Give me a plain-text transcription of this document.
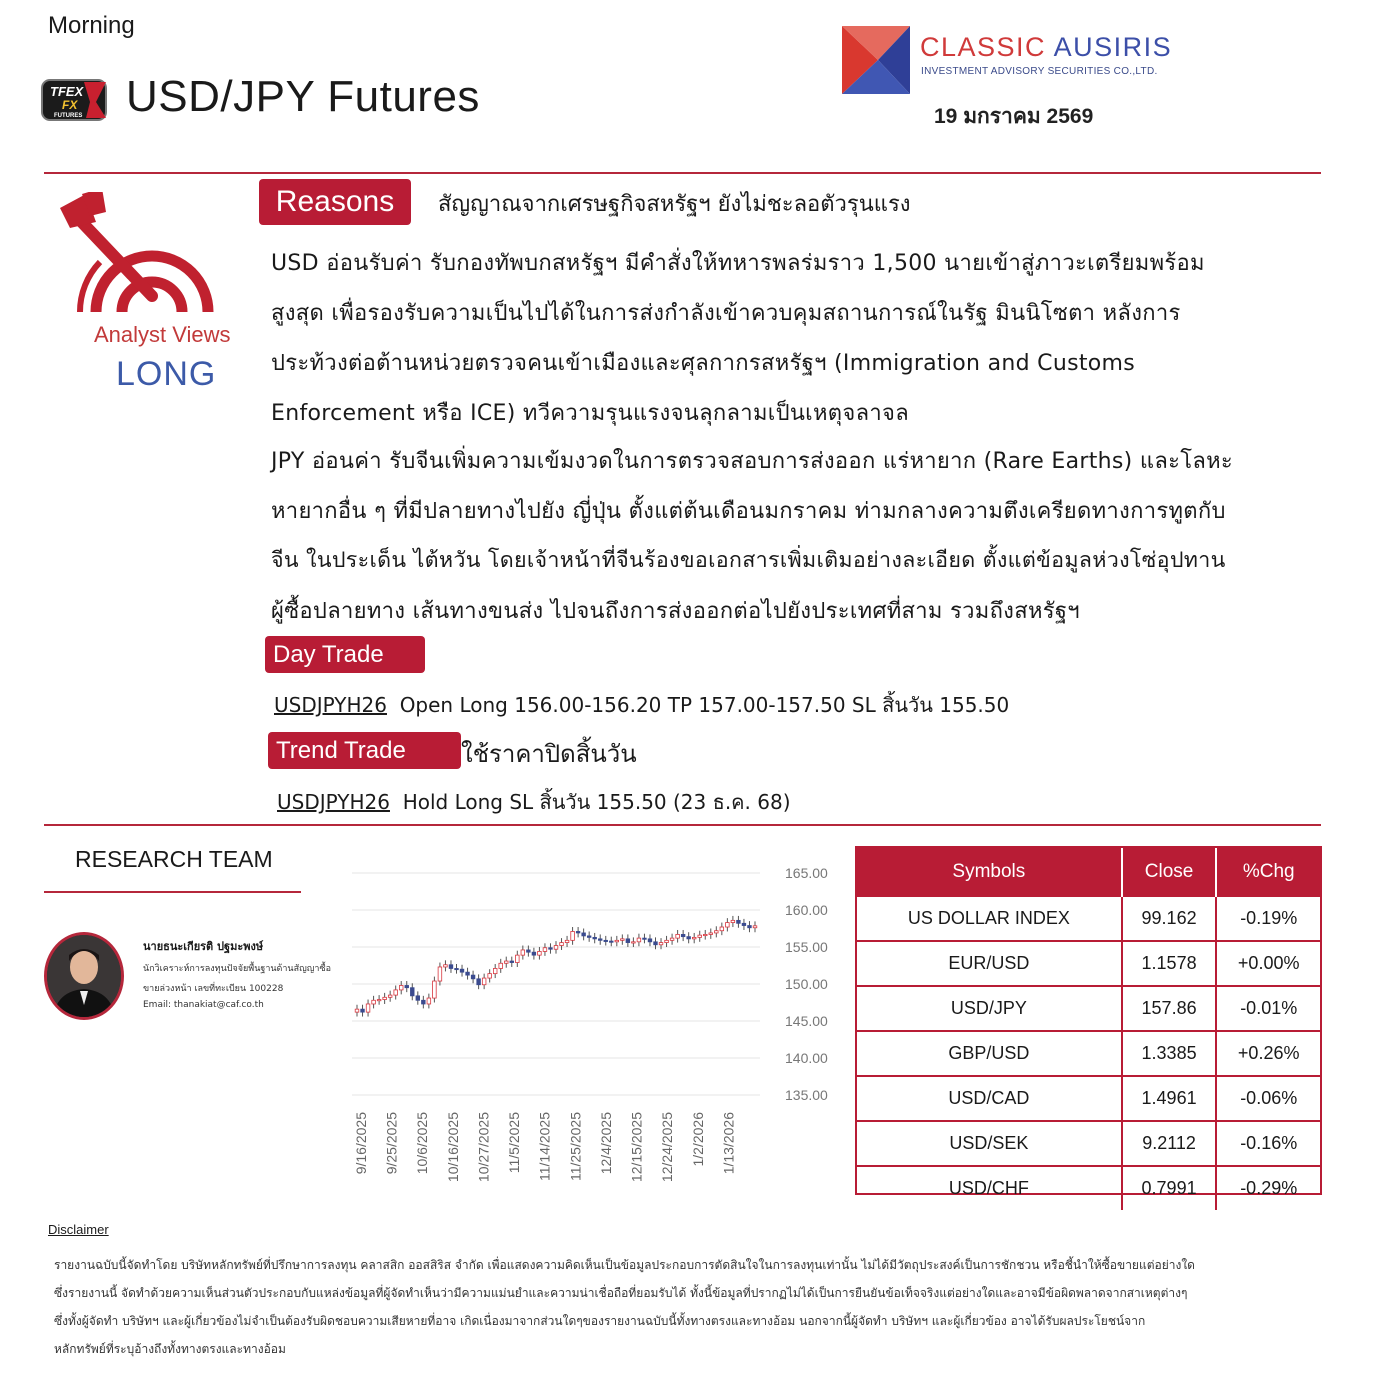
Morning
TFEX
FX
FUTURES USD/JPY Futures
CLASSIC AUSIRIS
INVESTMENT ADVISORY SECURITIES CO.,LTD.
19 มกราคม 2569
Analyst Views
LONG
Reasons	สัญญาณจากเศรษฐกิจสหรัฐฯ ยังไม่ชะลอตัวรุนแรง
USD อ่อนรับค่า รับกองทัพบกสหรัฐฯ มีคำสั่งให้ทหารพลร่มราว 1,500 นายเข้าสู่ภาวะเตรียมพร้อม
สูงสุด เพื่อรองรับความเป็นไปได้ในการส่งกำลังเข้าควบคุมสถานการณ์ในรัฐ มินนิโซตา หลังการ
ประท้วงต่อต้านหน่วยตรวจคนเข้าเมืองและศุลกากรสหรัฐฯ (Immigration and Customs
Enforcement หรือ ICE) ทวีความรุนแรงจนลุกลามเป็นเหตุจลาจล
JPY อ่อนค่า รับจีนเพิ่มความเข้มงวดในการตรวจสอบการส่งออก แร่หายาก (Rare Earths) และโลหะ
หายากอื่น ๆ ที่มีปลายทางไปยัง ญี่ปุ่น ตั้งแต่ต้นเดือนมกราคม ท่ามกลางความตึงเครียดทางการทูตกับ
จีน ในประเด็น ไต้หวัน โดยเจ้าหน้าที่จีนร้องขอเอกสารเพิ่มเติมอย่างละเอียด ตั้งแต่ข้อมูลห่วงโซ่อุปทาน
ผู้ซื้อปลายทาง เส้นทางขนส่ง ไปจนถึงการส่งออกต่อไปยังประเทศที่สาม รวมถึงสหรัฐฯ
Day Trade
USDJPYH26 Open Long 156.00-156.20 TP 157.00-157.50 SL สิ้นวัน 155.50
Trend Trade	ใช้ราคาปิดสิ้นวัน
USDJPYH26 Hold Long SL สิ้นวัน 155.50 (23 ธ.ค. 68)
RESEARCH TEAM
นายธนะเกียรติ ปฐมะพงษ์
นักวิเคราะห์การลงทุนปัจจัยพื้นฐานด้านสัญญาซื้อ
ขายล่วงหน้า เลขที่ทะเบียน 100228
Email: thanakiat@caf.co.th
165.00
160.00
155.00
150.00
145.00
140.00
135.00
9/16/2025 9/25/2025 10/6/2025 10/16/2025 10/27/2025 11/5/2025 11/14/2025 11/25/2025 12/4/2025 12/15/2025 12/24/2025 1/2/2026 1/13/2026
Symbols	Close	%Chg
US DOLLAR INDEX	99.162	-0.19%
EUR/USD	1.1578	+0.00%
USD/JPY	157.86	-0.01%
GBP/USD	1.3385	+0.26%
USD/CAD	1.4961	-0.06%
USD/SEK	9.2112	-0.16%
USD/CHF	0.7991	-0.29%
Disclaimer
รายงานฉบับนี้จัดทำโดย บริษัทหลักทรัพย์ที่ปรึกษาการลงทุน คลาสสิก ออสสิริส จำกัด เพื่อแสดงความคิดเห็นเป็นข้อมูลประกอบการตัดสินใจในการลงทุนเท่านั้น ไม่ได้มีวัตถุประสงค์เป็นการชักชวน หรือชี้นำให้ซื้อขายแต่อย่างใด
ซึ่งรายงานนี้ จัดทำด้วยความเห็นส่วนตัวประกอบกับแหล่งข้อมูลที่ผู้จัดทำเห็นว่ามีความแม่นยำและความน่าเชื่อถือที่ยอมรับได้ ทั้งนี้ข้อมูลที่ปรากฏไม่ได้เป็นการยืนยันข้อเท็จจริงแต่อย่างใดและอาจมีข้อผิดพลาดจากสาเหตุต่างๆ
ซึ่งทั้งผู้จัดทำ บริษัทฯ และผู้เกี่ยวข้องไม่จำเป็นต้องรับผิดชอบความเสียหายที่อาจ เกิดเนื่องมาจากส่วนใดๆของรายงานฉบับนี้ทั้งทางตรงและทางอ้อม นอกจากนี้ผู้จัดทำ บริษัทฯ และผู้เกี่ยวข้อง อาจได้รับผลประโยชน์จาก
หลักทรัพย์ที่ระบุอ้างถึงทั้งทางตรงและทางอ้อม
